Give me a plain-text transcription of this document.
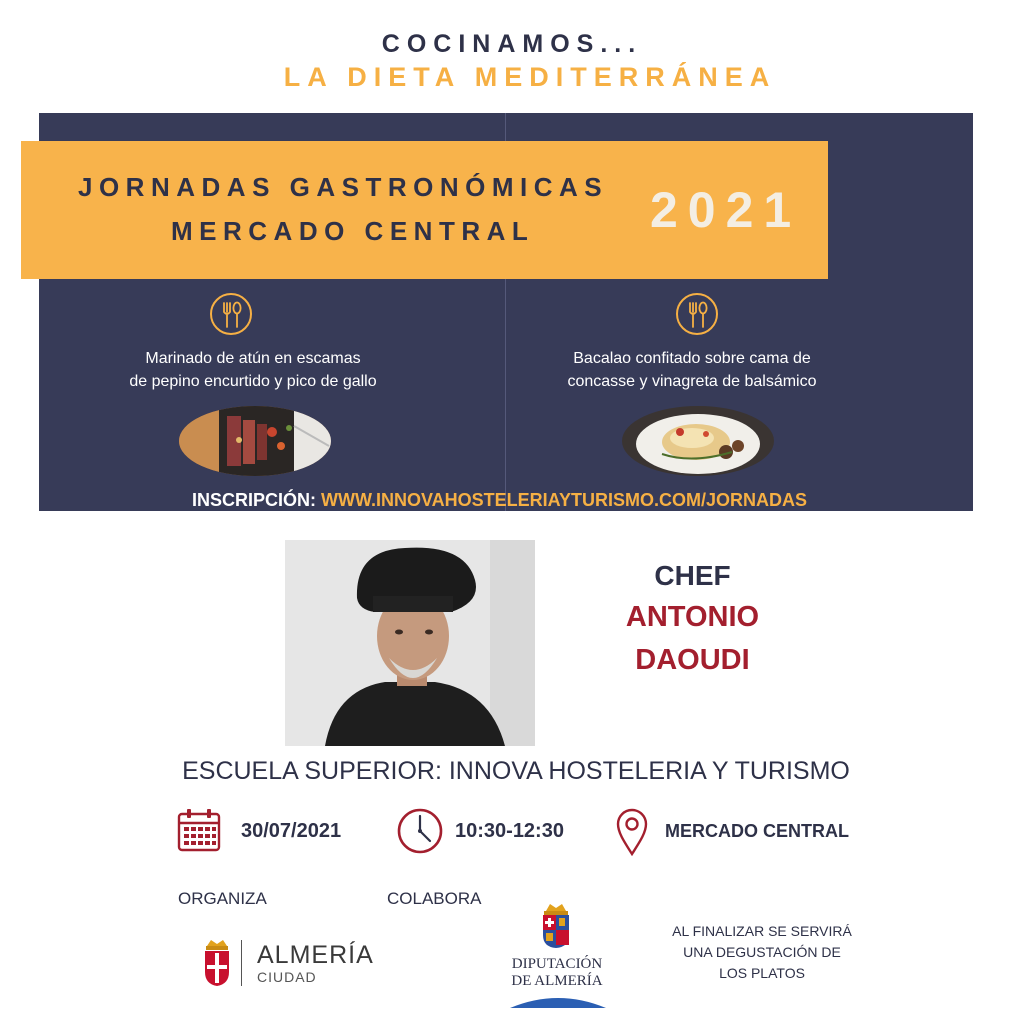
COCINAMOS...
LA DIETA MEDITERRÁNEA
JORNADAS GASTRONÓMICAS
MERCADO CENTRAL 2021
Marinado de atún en escamas
de pepino encurtido y pico de gallo
Bacalao confitado sobre cama de
concasse y vinagreta de balsámico
INSCRIPCIÓN: WWW.INNOVAHOSTELERIAYTURISMO.COM/JORNADAS
CHEF
ANTONIO
DAOUDI
ESCUELA SUPERIOR: INNOVA HOSTELERIA Y TURISMO
30/07/2021	10:30-12:30	MERCADO CENTRAL
ORGANIZA	COLABORA
ALMERÍA
CIUDAD
DIPUTACIÓN
DE ALMERÍA
AL FINALIZAR SE SERVIRÁ
UNA DEGUSTACIÓN DE
LOS PLATOS
